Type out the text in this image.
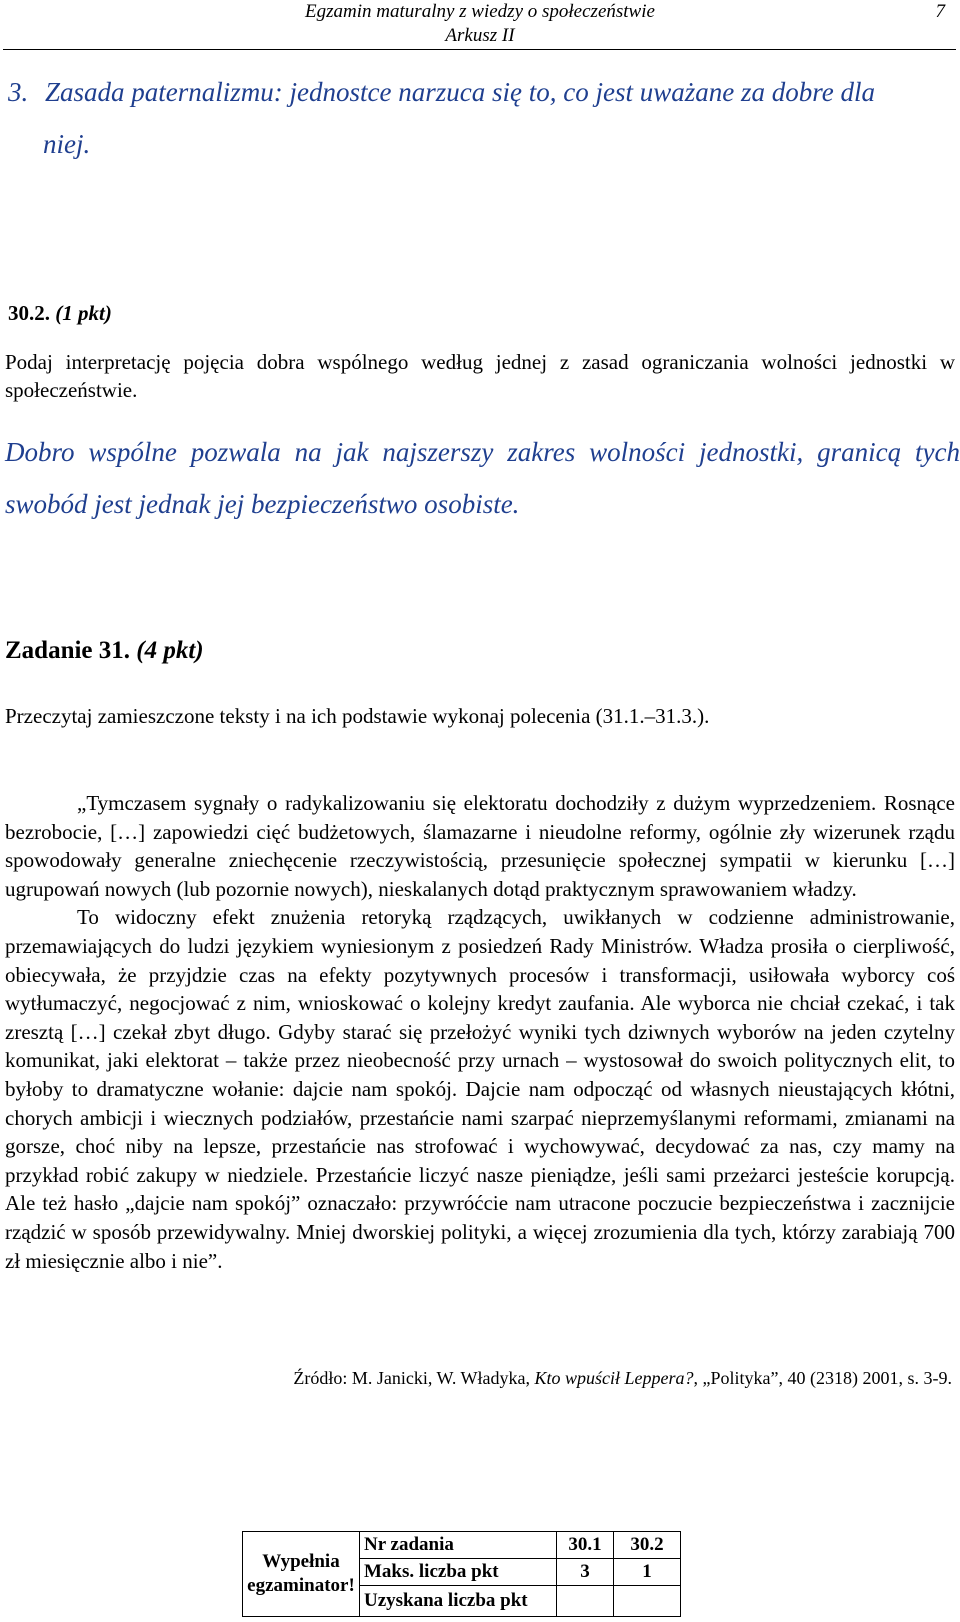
Egzamin maturalny z wiedzy o społeczeństwie
Arkusz II
7
3. Zasada paternalizmu: jednostce narzuca się to, co jest uważane za dobre dla
niej.
30.2. (1 pkt)
Podaj interpretację pojęcia dobra wspólnego według jednej z zasad ograniczania wolności jednostki w społeczeństwie.
Dobro wspólne pozwala na jak najszerszy zakres wolności jednostki, granicą tych swobód jest jednak jej bezpieczeństwo osobiste.
Zadanie 31. (4 pkt)
Przeczytaj zamieszczone teksty i na ich podstawie wykonaj polecenia (31.1.–31.3.).

„Tymczasem sygnały o radykalizowaniu się elektoratu dochodziły z dużym wyprzedzeniem. Rosnące bezrobocie, […] zapowiedzi cięć budżetowych, ślamazarne i nieudolne reformy, ogólnie zły wizerunek rządu spowodowały generalne zniechęcenie rzeczywistością, przesunięcie społecznej sympatii w kierunku […] ugrupowań nowych (lub pozornie nowych), nieskalanych dotąd praktycznym sprawowaniem władzy.

To widoczny efekt znużenia retoryką rządzących, uwikłanych w codzienne administrowanie, przemawiających do ludzi językiem wyniesionym z posiedzeń Rady Ministrów. Władza prosiła o cierpliwość, obiecywała, że przyjdzie czas na efekty pozytywnych procesów i transformacji, usiłowała wyborcy coś wytłumaczyć, negocjować z nim, wnioskować o kolejny kredyt zaufania. Ale wyborca nie chciał czekać, i tak zresztą […] czekał zbyt długo. Gdyby starać się przełożyć wyniki tych dziwnych wyborów na jeden czytelny komunikat, jaki elektorat – także przez nieobecność przy urnach – wystosował do swoich politycznych elit, to byłoby to dramatyczne wołanie: dajcie nam spokój. Dajcie nam odpocząć od własnych nieustających kłótni, chorych ambicji i wiecznych podziałów, przestańcie nami szarpać nieprzemyślanymi reformami, zmianami na gorsze, choć niby na lepsze, przestańcie nas strofować i wychowywać, decydować za nas, czy mamy na przykład robić zakupy w niedziele. Przestańcie liczyć nasze pieniądze, jeśli sami przeżarci jesteście korupcją. Ale też hasło „dajcie nam spokój” oznaczało: przywróćcie nam utracone poczucie bezpieczeństwa i zacznijcie rządzić w sposób przewidywalny. Mniej dworskiej polityki, a więcej zrozumienia dla tych, którzy zarabiają 700 zł miesięcznie albo i nie”.

Źródło: M. Janicki, W. Władyka, Kto wpuścił Leppera?, „Polityka”, 40 (2318) 2001, s. 3-9.
Wypełnia egzaminator!	Nr zadania	30.1	30.2
	Maks. liczba pkt	3	1
	Uzyskana liczba pkt		
